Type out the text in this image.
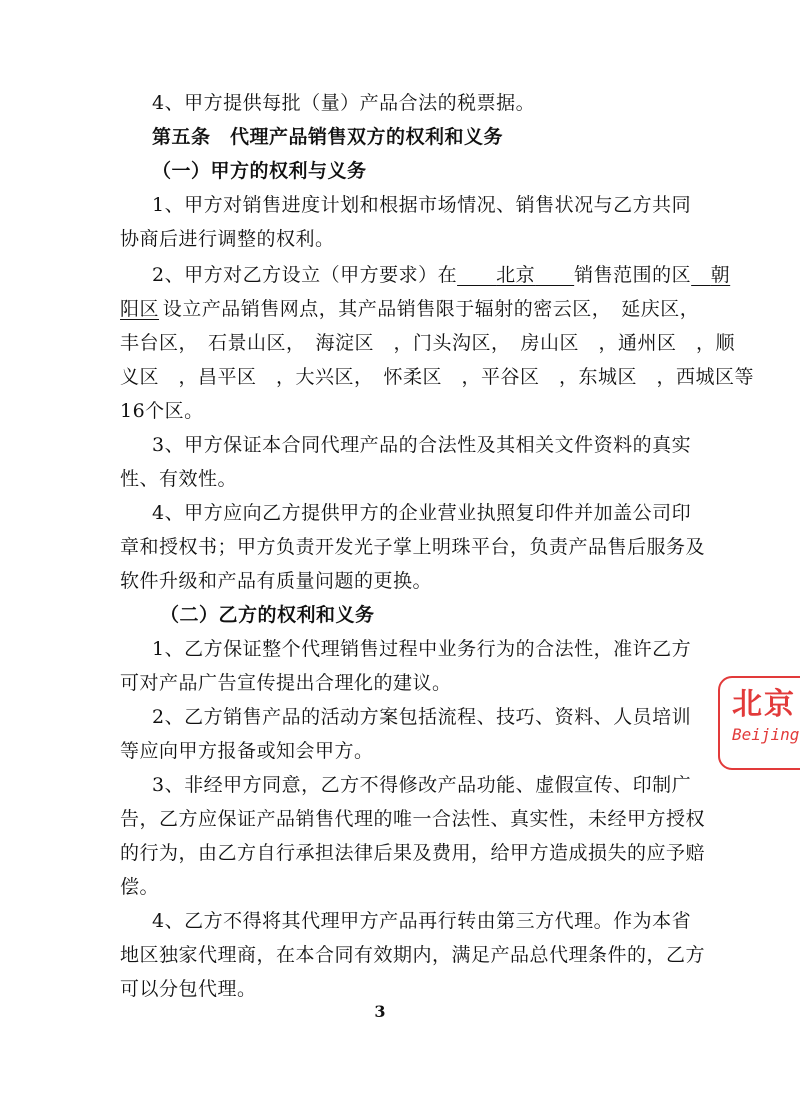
4、甲方提供每批（量）产品合法的税票据。
第五条　代理产品销售双方的权利和义务
（一）甲方的权利与义务
1、甲方对销售进度计划和根据市场情况、销售状况与乙方共同
协商后进行调整的权利。
2、甲方对乙方设立（甲方要求）在　　 北京　　 销售范围的区　 朝
阳区  设立产品销售网点，其产品销售限于辐射的密云区，　延庆区，
丰台区，　石景山区，　海淀区　，门头沟区，　房山区　，通州区　，顺
义区　，昌平区　，大兴区，　怀柔区　，平谷区　，东城区　，西城区等
16个区。
3、甲方保证本合同代理产品的合法性及其相关文件资料的真实
性、有效性。
4、甲方应向乙方提供甲方的企业营业执照复印件并加盖公司印
章和授权书；甲方负责开发光子掌上明珠平台，负责产品售后服务及
软件升级和产品有质量问题的更换。
（二）乙方的权利和义务
1、乙方保证整个代理销售过程中业务行为的合法性，准许乙方
可对产品广告宣传提出合理化的建议。
2、乙方销售产品的活动方案包括流程、技巧、资料、人员培训
等应向甲方报备或知会甲方。
3、非经甲方同意，乙方不得修改产品功能、虚假宣传、印制广
告，乙方应保证产品销售代理的唯一合法性、真实性，未经甲方授权
的行为，由乙方自行承担法律后果及费用，给甲方造成损失的应予赔
偿。
4、乙方不得将其代理甲方产品再行转由第三方代理。作为本省
地区独家代理商，在本合同有效期内，满足产品总代理条件的，乙方
可以分包代理。
3
北京
Beijing
